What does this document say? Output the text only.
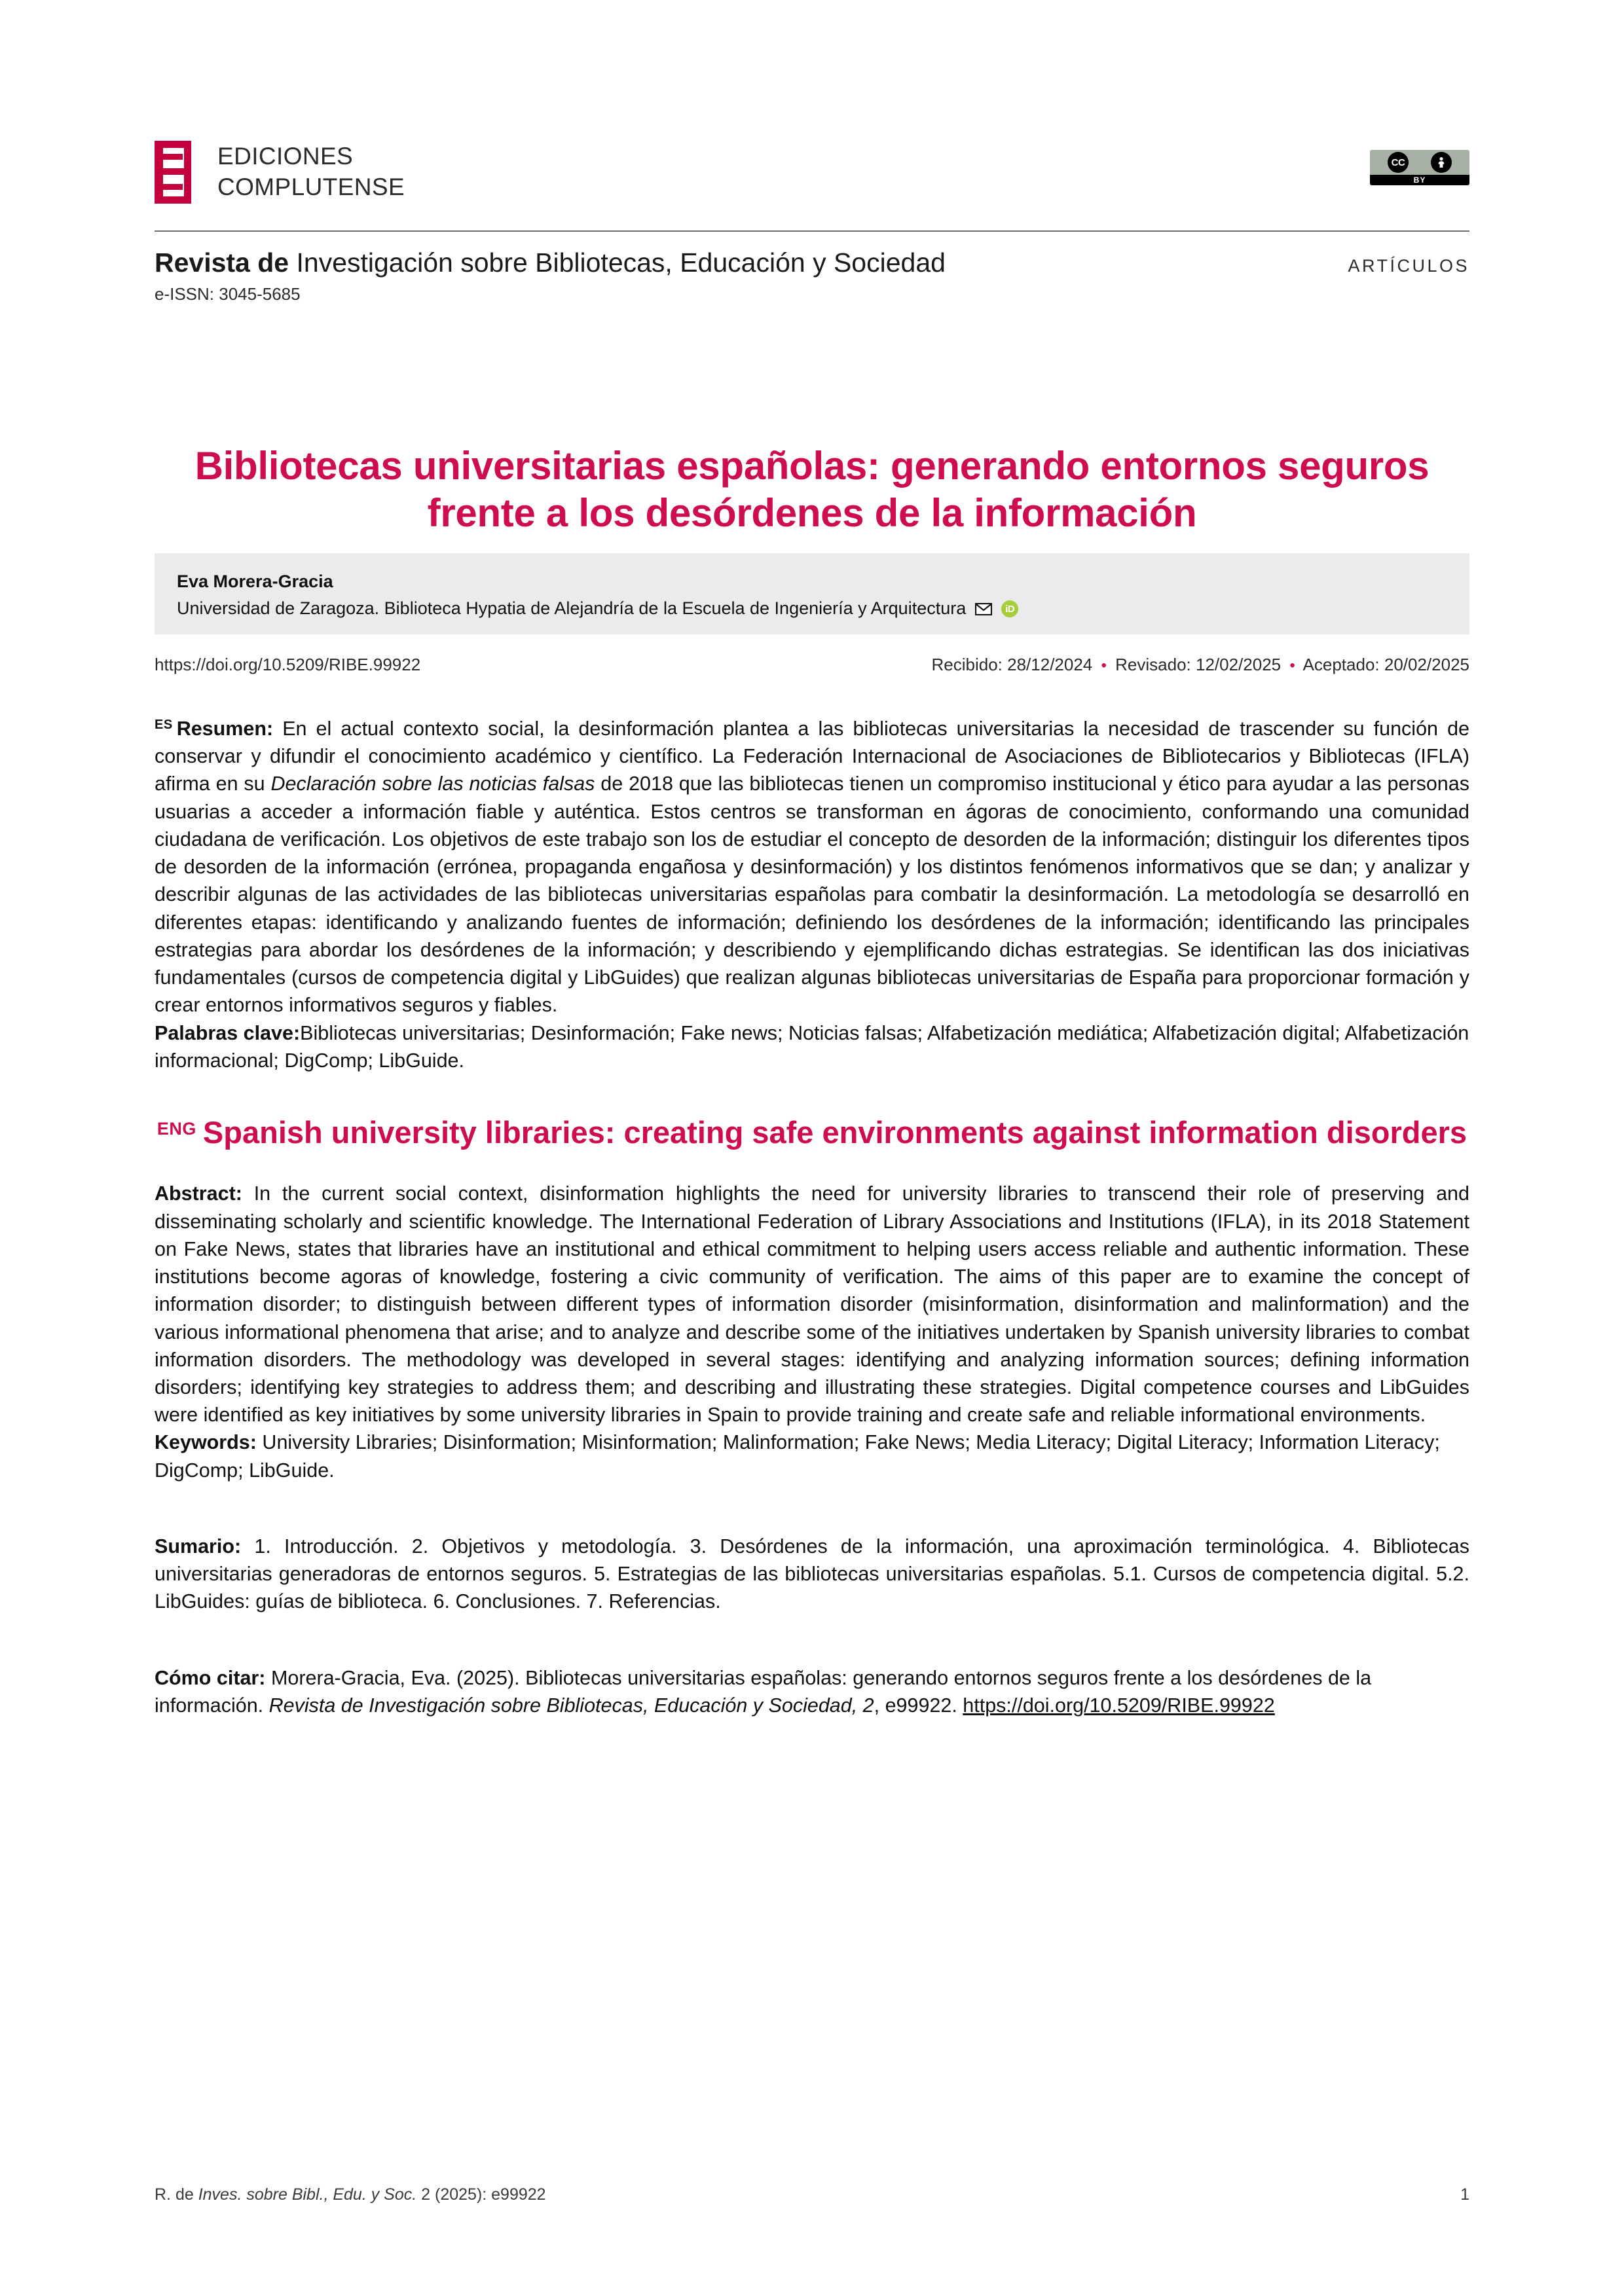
EDICIONES
COMPLUTENSE
CC
BY
Revista de Investigación sobre Bibliotecas, Educación y Sociedad	ARTÍCULOS
e-ISSN: 3045-5685
Bibliotecas universitarias españolas: generando entornos seguros frente a los desórdenes de la información
Eva Morera-Gracia
Universidad de Zaragoza. Biblioteca Hypatia de Alejandría de la Escuela de Ingeniería y Arquitectura	iD
https://doi.org/10.5209/RIBE.99922	Recibido: 28/12/2024 • Revisado: 12/02/2025 • Aceptado: 20/02/2025

$^{ES}$ Resumen: En el actual contexto social, la desinformación plantea a las bibliotecas universitarias la necesidad de trascender su función de conservar y difundir el conocimiento académico y científico. La Federación Internacional de Asociaciones de Bibliotecarios y Bibliotecas (IFLA) afirma en su Declaración sobre las noticias falsas de 2018 que las bibliotecas tienen un compromiso institucional y ético para ayudar a las personas usuarias a acceder a información fiable y auténtica. Estos centros se transforman en ágoras de conocimiento, conformando una comunidad ciudadana de verificación. Los objetivos de este trabajo son los de estudiar el concepto de desorden de la información; distinguir los diferentes tipos de desorden de la información (errónea, propaganda engañosa y desinformación) y los distintos fenómenos informativos que se dan; y analizar y describir algunas de las actividades de las bibliotecas universitarias españolas para combatir la desinformación. La metodología se desarrolló en diferentes etapas: identificando y analizando fuentes de información; definiendo los desórdenes de la información; identificando las principales estrategias para abordar los desórdenes de la información; y describiendo y ejemplificando dichas estrategias. Se identifican las dos iniciativas fundamentales (cursos de competencia digital y LibGuides) que realizan algunas bibliotecas universitarias de España para proporcionar formación y crear entornos informativos seguros y fiables.

Palabras clave:Bibliotecas universitarias; Desinformación; Fake news; Noticias falsas; Alfabetización mediática; Alfabetización digital; Alfabetización informacional; DigComp; LibGuide.

$^{ENG}$ Spanish university libraries: creating safe environments against information disorders

Abstract: In the current social context, disinformation highlights the need for university libraries to transcend their role of preserving and disseminating scholarly and scientific knowledge. The International Federation of Library Associations and Institutions (IFLA), in its 2018 Statement on Fake News, states that libraries have an institutional and ethical commitment to helping users access reliable and authentic information. These institutions become agoras of knowledge, fostering a civic community of verification. The aims of this paper are to examine the concept of information disorder; to distinguish between different types of information disorder (misinformation, disinformation and malinformation) and the various informational phenomena that arise; and to analyze and describe some of the initiatives undertaken by Spanish university libraries to combat information disorders. The methodology was developed in several stages: identifying and analyzing information sources; defining information disorders; identifying key strategies to address them; and describing and illustrating these strategies. Digital competence courses and LibGuides were identified as key initiatives by some university libraries in Spain to provide training and create safe and reliable informational environments.

Keywords: University Libraries; Disinformation; Misinformation; Malinformation; Fake News; Media Literacy; Digital Literacy; Information Literacy; DigComp; LibGuide.

Sumario: 1. Introducción. 2. Objetivos y metodología. 3. Desórdenes de la información, una aproximación terminológica. 4. Bibliotecas universitarias generadoras de entornos seguros. 5. Estrategias de las bibliotecas universitarias españolas. 5.1. Cursos de competencia digital. 5.2. LibGuides: guías de biblioteca. 6. Conclusiones. 7. Referencias.

Cómo citar: Morera-Gracia, Eva. (2025). Bibliotecas universitarias españolas: generando entornos seguros frente a los desórdenes de la información. Revista de Investigación sobre Bibliotecas, Educación y Sociedad, 2, e99922. https://doi.org/10.5209/RIBE.99922

R. de Inves. sobre Bibl., Edu. y Soc. 2 (2025): e99922	1
